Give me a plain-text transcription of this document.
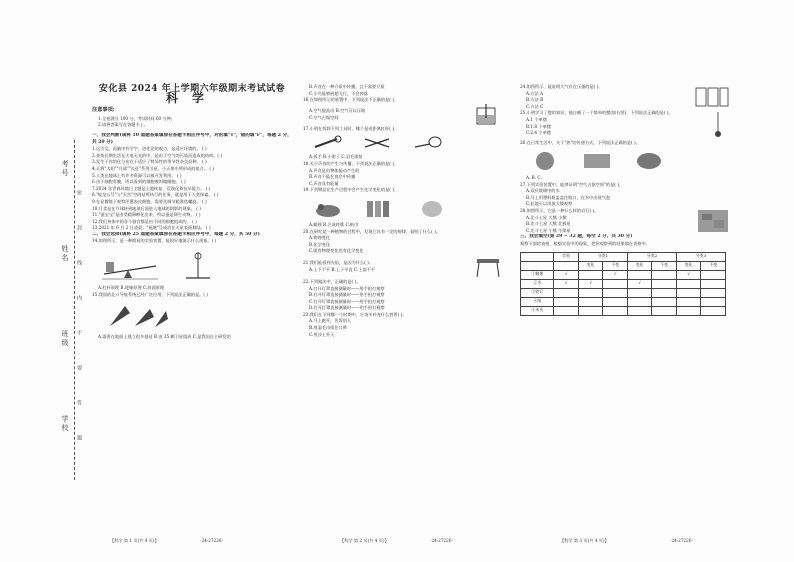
考号
姓名
班级
学校
密
封
线
内
不
要
答
题
安化县 2024 年上学期六年级期末考试试卷
科学
注意事项:
1.全卷满分 100 分，考试时间 60 分钟;
2.请将答案写在答题卡上。
一、我会判断(请将 10 道题答案填涂在答题卡相应序号中，对的填"T"，错的填"F"，每题 2 分，共 20 分)
1.远古文，再脑中有学字，进化论的观点，是适应环境的。 ( )
2.金鱼长期生活在火电无光的中，是由于空气的污染而造成的结构。( )
3.发生于你的化分布在于适应了特异性的季节性杂交品种。 ( )
4.天将"太阳""月球""长征"系列卫星，小天体中所形成的组合。 ( )
5.人类在地球上有许多资源可以被开发利用。 ( )
6.由于细胞有膜，所以看到的细胞被叫做细胞。 ( )
7.2024 年世界环境日主题是土地恢复、荒漠化和抗旱能力。 ( )
8."蛟龙五号"与"天宫"空间站所执行的任务，就是用于人类探索。 ( )
9.在显微镜下观察洋葱表皮细胞，需要先调节粗准焦螺旋。 ( )
10.月食是在月球转到地球后面进入地球的阴影的现象。 ( )
11."蚕宝宝"是由受精卵孵化出来，所以蚕是卵生动物。 ( )
12.我们身体中的各个器官都是由不同的细胞组成的。 ( )
13.2021 年 6 月 2 日凌晨，"祝融"号成功在火星表面着陆。 ( )
二、我会选择(请将 25 道题答案填涂在答题卡相应序号中，每题 2 分，共 50 分)
14.如图所示，是一种简易的实验装置，能较好地演示什么现象。( )
A.杠杆原理 B.轮轴原理 C.斜面原理
15.我国的北斗导航系统已经广泛应用，下列说法正确的是。( )
A.需要在地面上建立很多基站 B.由 35 颗卫星组成 C.是我国自主研发的
B.声音在一种介质中传播，且不需要介质
C.小鸟能够展翅飞行，不会掉落
16.在如图所示的装置中，下列说法不正确的是( )。
A.空气能流动 B.空气可以压缩
C.空气占据空间
17.小明在拆卸下列工具时，哪个是省距离杠杆( )。
A.扳手 B.小钳子 C.羽毛球拍
18.关于声音的产生与传播，下列说法正确的是( )。
A.声音是由物体振动产生的
B.声音不能在真空中传播
C.声音具有能量
19.下列物品在生产过程中会产生化学变化的是( )。
A.蜡烛 B.合成纤维 C.纸巾
20.在研究某一种植物的过程中，发现它具有一定的规律，说明了什么( )。
A.物理变化
B.化学变化
C.既有物理变化也有化学变化
21.我们能看到火焰，是因为什么( )。
A.上下不平 B.上下平直 C.上面不平
22.下列做法中，正确的是( )。
A.打开灯罩直接测量时——用手拍打观察
B.打开灯罩直接测量时——用手拍打观察
C.打开灯罩直接测量时——用手拍打观察
D.打开灯罩直接测量时——用手拍打观察
23.我们在下列哪一个时期中，应该多补充什么营养( )。
A.马上跑开，告诉别人
B.用湿毛巾捂住口鼻
C.用沙土扑灭
24.如图所示，能说明大气存在压强的是( )。
A.方法 A
B.方法 B
C.方法 C
25.小明学习了摆的知识，他自制了一个简单的摆(如右图)，下列说法正确的是( )。
A.1 个单摆
B.1.8 个单摆
C.2.4 个单摆
26.在日常生活中，关于"热"的传递方式，下列说法正确的是( )。
A. B. C.
27.下列实验装置中，能够证明"空气占据空间"的是( )。
A.双层玻璃中的水
B.马上用塑料瓶盖盖住瓶口，在水中出现气泡
C.此地可以用放大镜观察
28.如图所示，它是一种什么样的岩石( )。
A.北斗七星 大熊 小熊
B.北斗七星 大熊 北极星
C.北斗七星 小熊 牛郎星
三、我会填空(第 29 ~ 32 题，每空 2 分，共 30 分)
观察下面的表格，根据实验中的现象，把你观察到的结果填在表格中。
	实验	分类1		分类2		分类3	
		变化	不变	变化	不变	变化	不变
①蜡烛	√		√			√	
②水	√	√		√			
③铁钉							
④纸							
⑤木头							
【科学 第 1 页(共 4 页)】	·24-27226·	【科学 第 2 页(共 4 页)】	·24-27226·	【科学 第 3 页(共 4 页)】	·24-27226·
